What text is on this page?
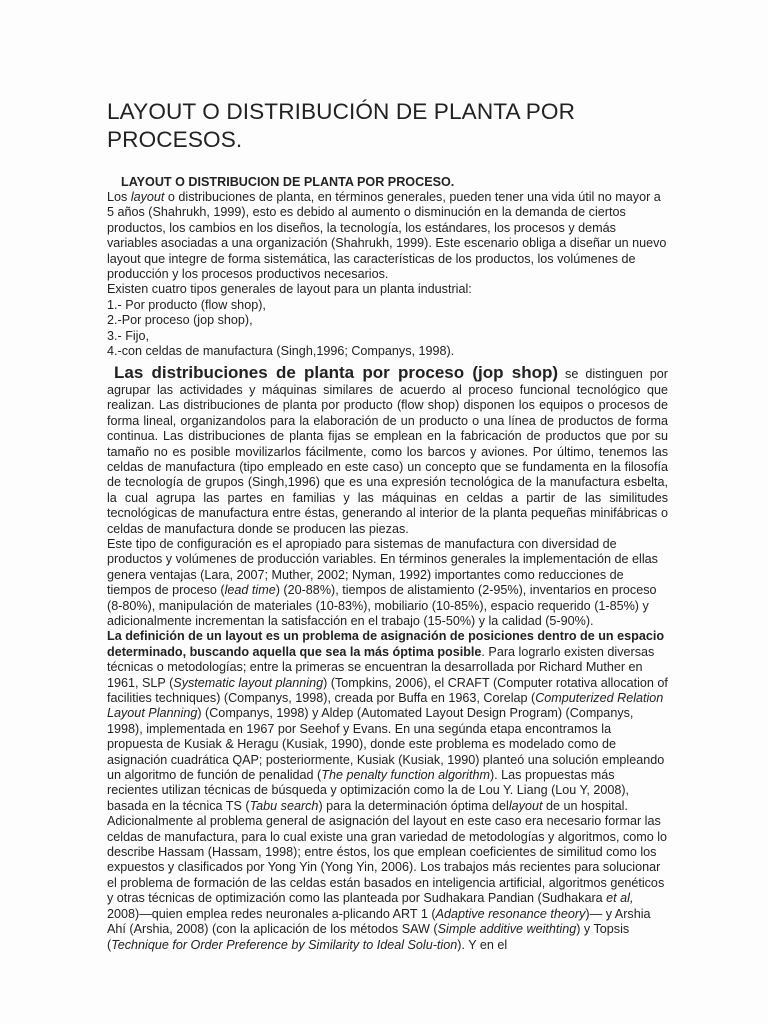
LAYOUT O DISTRIBUCIÓN DE PLANTA POR PROCESOS.
LAYOUT O DISTRIBUCION DE PLANTA POR PROCESO.

Los layout o distribuciones de planta, en términos generales, pueden tener una vida útil no mayor a 5 años (Shahrukh, 1999), esto es debido al aumento o disminución en la demanda de ciertos productos, los cambios en los diseños, la tecnología, los estándares, los procesos y demás variables asociadas a una organización (Shahrukh, 1999). Este escenario obliga a diseñar un nuevo layout que integre de forma sistemática, las características de los productos, los volúmenes de producción y los procesos productivos necesarios.

Existen cuatro tipos generales de layout para un planta industrial:

1.- Por producto (flow shop),

2.-Por proceso (jop shop),

3.- Fijo,

4.-con celdas de manufactura (Singh,1996; Companys, 1998).

Las distribuciones de planta por proceso (jop shop) se distinguen por agrupar las actividades y máquinas similares de acuerdo al proceso funcional tecnológico que realizan. Las distribuciones de planta por producto (flow shop) disponen los equipos o procesos de forma lineal, organizandolos para la elaboración de un producto o una línea de productos de forma continua. Las distribuciones de planta fijas se emplean en la fabricación de productos que por su tamaño no es posible movilizarlos fácilmente, como los barcos y aviones. Por último, tenemos las celdas de manufactura (tipo empleado en este caso) un concepto que se fundamenta en la filosofía de tecnología de grupos (Singh,1996) que es una expresión tecnológica de la manufactura esbelta, la cual agrupa las partes en familias y las máquinas en celdas a partir de las similitudes tecnológicas de manufactura entre éstas, generando al interior de la planta pequeñas minifábricas o celdas de manufactura donde se producen las piezas.

Este tipo de configuración es el apropiado para sistemas de manufactura con diversidad de productos y volúmenes de producción variables. En términos generales la implementación de ellas genera ventajas (Lara, 2007; Muther, 2002; Nyman, 1992) importantes como reducciones de tiempos de proceso (lead time) (20-88%), tiempos de alistamiento (2-95%), inventarios en proceso (8-80%), manipulación de materiales (10-83%), mobiliario (10-85%), espacio requerido (1-85%) y adicionalmente incrementan la satisfacción en el trabajo (15-50%) y la calidad (5-90%).

La definición de un layout es un problema de asignación de posiciones dentro de un espacio determinado, buscando aquella que sea la más óptima posible. Para lograrlo existen diversas técnicas o metodologías; entre la primeras se encuentran la desarrollada por Richard Muther en 1961, SLP (Systematic layout planning) (Tompkins, 2006), el CRAFT (Computer rotativa allocation of facilities techniques) (Companys, 1998), creada por Buffa en 1963, Corelap (Computerized Relation Layout Planning) (Companys, 1998) y Aldep (Automated Layout Design Program) (Companys, 1998), implementada en 1967 por Seehof y Evans. En una segúnda etapa encontramos la propuesta de Kusiak & Heragu (Kusiak, 1990), donde este problema es modelado como de asignación cuadrática QAP; posteriormente, Kusiak (Kusiak, 1990) planteó una solución empleando un algoritmo de función de penalidad (The penalty function algorithm). Las propuestas más recientes utilizan técnicas de búsqueda y optimización como la de Lou Y. Liang (Lou Y, 2008), basada en la técnica TS (Tabu search) para la determinación óptima dellayout de un hospital. Adicionalmente al problema general de asignación del layout en este caso era necesario formar las celdas de manufactura, para lo cual existe una gran variedad de metodologías y algoritmos, como lo describe Hassam (Hassam, 1998); entre éstos, los que emplean coeficientes de similitud como los expuestos y clasificados por Yong Yin (Yong Yin, 2006). Los trabajos más recientes para solucionar el problema de formación de las celdas están basados en inteligencia artificial, algoritmos genéticos y otras técnicas de optimización como las planteada por Sudhakara Pandian (Sudhakara et al, 2008)—quien emplea redes neuronales a-plicando ART 1 (Adaptive resonance theory)— y Arshia Ahí (Arshia, 2008) (con la aplicación de los métodos SAW (Simple additive weithting) y Topsis (Technique for Order Preference by Similarity to Ideal Solu-tion). Y en el
